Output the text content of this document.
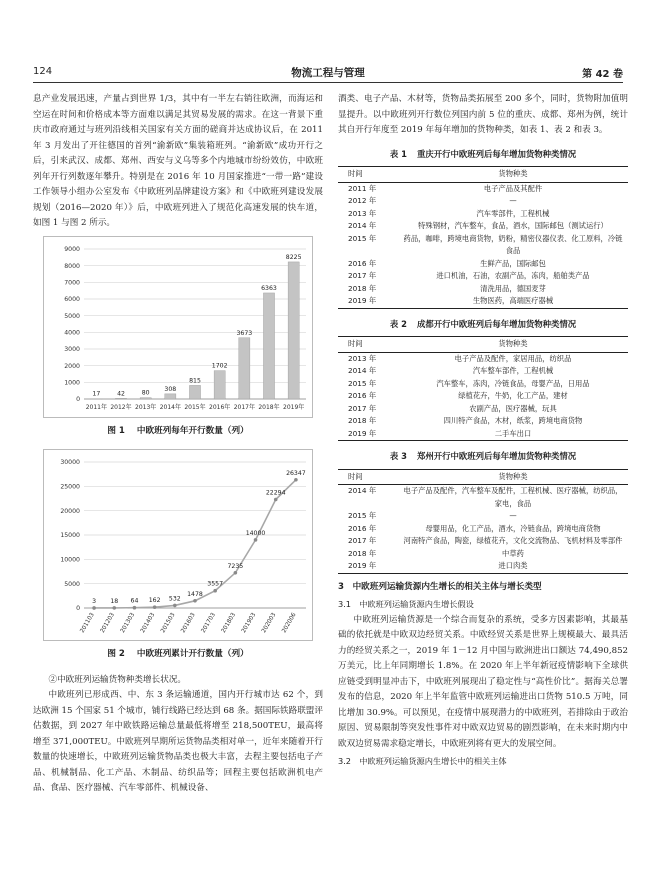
124	物流工程与管理	第 42 卷

息产业发展迅速，产量占到世界 1/3，其中有一半左右销往欧洲，而海运和空运在时间和价格成本等方面难以满足其贸易发展的需求。在这一背景下重庆市政府通过与班列沿线相关国家有关方面的磋商并达成协议后，在 2011 年 3 月发出了开往德国的首列“渝新欧”集装箱班列。“渝新欧”成功开行之后，引来武汉、成都、郑州、西安与义乌等多个内地城市纷纷效仿，中欧班列年开行列数逐年攀升。特别是在 2016 年 10 月国家推进“一带一路”建设工作领导小组办公室发布《中欧班列品牌建设方案》和《中欧班列建设发展规划（2016—2020 年）》后，中欧班列进入了规范化高速发展的快车道，如图 1 与图 2 所示。

0
1000
2000
3000
4000
5000
6000
7000
8000
9000
17
2011年
42
2012年
80
2013年
308
2014年
815
2015年
1702
2016年
3673
2017年
6363
2018年
8225
2019年
图 1 中欧班列每年开行数量（列）
0
5000
10000
15000
20000
25000
30000
3
201103
18
201203
64
201303
162
201403
532
201503
1478
201603
3557
201703
7235
201803
14000
201903
22294
202003
26347
202006
图 2 中欧班列累计开行数量（列）

②中欧班列运输货物种类增长状况。

中欧班列已形成西、中、东 3 条运输通道，国内开行城市达 62 个，到达欧洲 15 个国家 51 个城市，铺行线路已经达到 68 条。据国际铁路联盟评估数据，到 2027 年中欧铁路运输总量最低将增至 218,500TEU，最高将增至 371,000TEU。中欧班列早期所运货物品类相对单一，近年来随着开行数量的快速增长，中欧班列运输货物品类也极大丰富，去程主要包括电子产品、机械制品、化工产品、木制品、纺织品等；回程主要包括欧洲机电产品、食品、医疗器械、汽车零部件、机械设备、

酒类、电子产品、木材等，货物品类拓展至 200 多个，同时，货物附加值明显提升。以中欧班列开行数位列国内前 5 位的重庆、成都、郑州为例，统计其自开行年度至 2019 年每年增加的货物种类，如表 1、表 2 和表 3。

表 1 重庆开行中欧班列后每年增加货物种类情况
时间	货物种类
2011 年	电子产品及其配件
2012 年	—
2013 年	汽车零部件，工程机械
2014 年	特殊钢材，汽车整车，食品，酒水，国际邮包（测试运行）
2015 年	药品，咖啡，跨境电商货物，奶粉，精密仪器仪表、化工原料，冷链食品
2016 年	生鲜产品，国际邮包
2017 年	进口机油，石油，农副产品，冻肉，船舶类产品
2018 年	清洗用品，德国麦芽
2019 年	生物医药，高端医疗器械
表 2 成都开行中欧班列后每年增加货物种类情况
时间	货物种类
2013 年	电子产品及配件，家居用品，纺织品
2014 年	汽车整车部件，工程机械
2015 年	汽车整车，冻肉，冷链食品，母婴产品，日用品
2016 年	绿植花卉，牛奶，化工产品，建材
2017 年	农副产品，医疗器械，玩具
2018 年	四川特产食品，木材，纸浆，跨境电商货物
2019 年	二手车出口
表 3 郑州开行中欧班列后每年增加货物种类情况
时间	货物种类
2014 年	电子产品及配件，汽车整车及配件，工程机械、医疗器械，纺织品，家电，食品
2015 年	—
2016 年	母婴用品，化工产品，酒水，冷链食品，跨境电商货物
2017 年	河南特产食品，陶瓷，绿植花卉，文化交流物品、飞机材料及零部件
2018 年	中草药
2019 年	进口肉类
3　中欧班列运输货源内生增长的相关主体与增长类型
3.1　中欧班列运输货源内生增长假设

中欧班列运输货源是一个综合而复杂的系统，受多方因素影响，其最基础的依托就是中欧双边经贸关系。中欧经贸关系是世界上规模最大、最具活力的经贸关系之一，2019 年 1－12 月中国与欧洲进出口额达 74,490,852 万美元，比上年同期增长 1.8%。在 2020 年上半年新冠疫情影响下全球供应链受到明显冲击下，中欧班列展现出了稳定性与“高性价比”。据海关总署发布的信息，2020 年上半年监管中欧班列运输进出口货物 510.5 万吨，同比增加 30.9%。可以预见，在疫情中展现潜力的中欧班列，若排除由于政治原因、贸易限制等突发性事件对中欧双边贸易的剧烈影响，在未来时期内中欧双边贸易需求稳定增长，中欧班列将有更大的发展空间。

3.2　中欧班列运输货源内生增长中的相关主体
